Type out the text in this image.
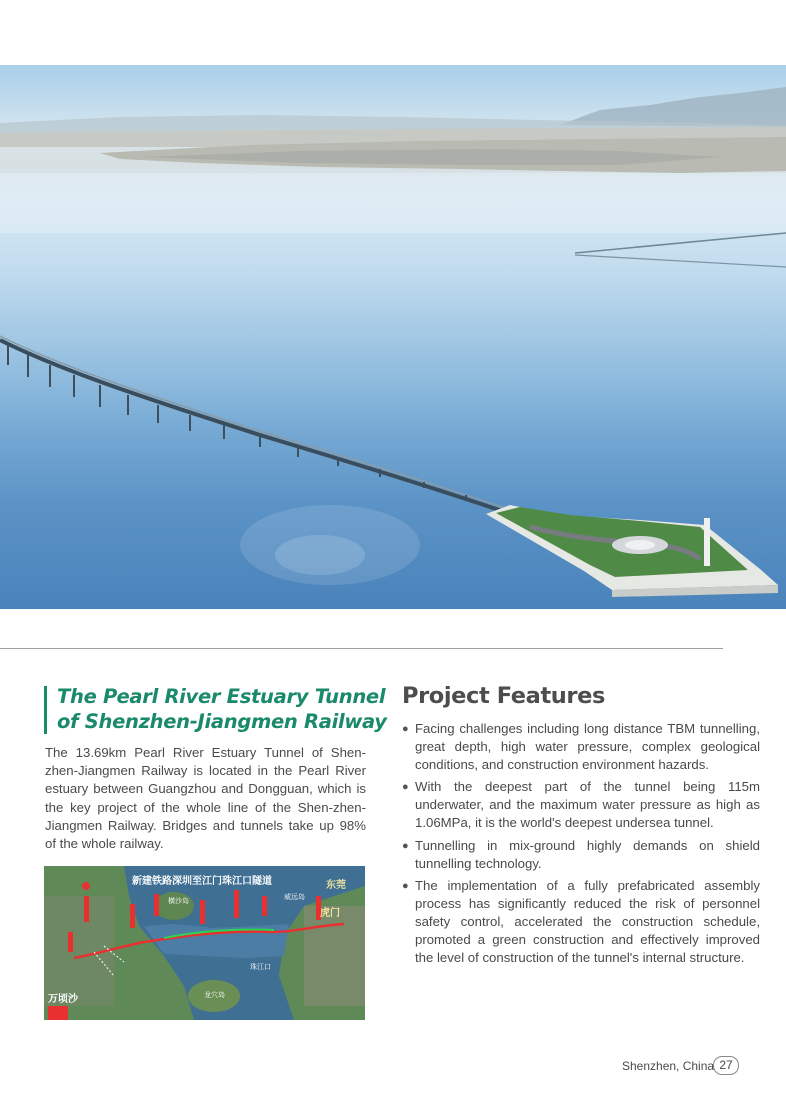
The Pearl River Estuary Tunnel
of Shenzhen-Jiangmen Railway

The 13.69km Pearl River Estuary Tunnel of Shen-zhen-Jiangmen Railway is located in the Pearl River estuary between Guangzhou and Dongguan, which is the key project of the whole line of the Shen-zhen-Jiangmen Railway. Bridges and tunnels take up 98% of the whole railway.

新建铁路深圳至江门珠江口隧道	东莞
虎门
万顷沙	龙穴岛
珠江口
横沙岛	威远岛
Project Features
● Facing challenges including long distance TBM tunnelling, great depth, high water pressure, complex geological conditions, and construction environment hazards.
● With the deepest part of the tunnel being 115m underwater, and the maximum water pressure as high as 1.06MPa, it is the world's deepest undersea tunnel.
● Tunnelling in mix-ground highly demands on shield tunnelling technology.
● The implementation of a fully prefabricated assembly process has significantly reduced the risk of personnel safety control, accelerated the construction schedule, promoted a green construction and effectively improved the level of construction of the tunnel's internal structure.
Shenzhen, China 27
